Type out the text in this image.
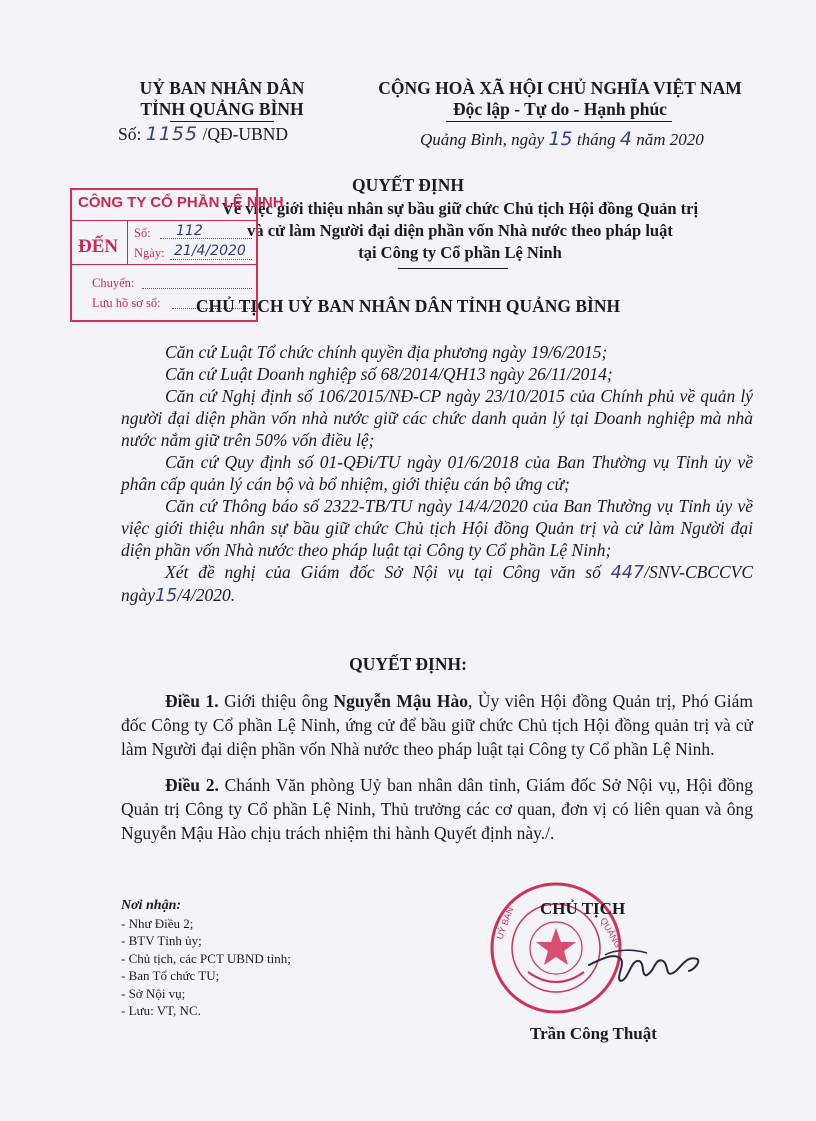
UỶ BAN NHÂN DÂN
TỈNH QUẢNG BÌNH
CỘNG HOÀ XÃ HỘI CHỦ NGHĨA VIỆT NAM
Độc lập - Tự do - Hạnh phúc
Số: 1155 /QĐ-UBND	Quảng Bình, ngày 15 tháng 4 năm 2020
QUYẾT ĐỊNH
Về việc giới thiệu nhân sự bầu giữ chức Chủ tịch Hội đồng Quản trị
và cử làm Người đại diện phần vốn Nhà nước theo pháp luật
tại Công ty Cổ phần Lệ Ninh
CÔNG TY CỔ PHẦN LỆ NINH
ĐẾN
Số: 112
Ngày: 21/4/2020
Chuyển:
Lưu hồ sơ số:	CHỦ TỊCH UỶ BAN NHÂN DÂN TỈNH QUẢNG BÌNH

Căn cứ Luật Tổ chức chính quyền địa phương ngày 19/6/2015;

Căn cứ Luật Doanh nghiệp số 68/2014/QH13 ngày 26/11/2014;

Căn cứ Nghị định số 106/2015/NĐ-CP ngày 23/10/2015 của Chính phủ về quản lý người đại diện phần vốn nhà nước giữ các chức danh quản lý tại Doanh nghiệp mà nhà nước nắm giữ trên 50% vốn điều lệ;

Căn cứ Quy định số 01-QĐi/TU ngày 01/6/2018 của Ban Thường vụ Tỉnh ủy về phân cấp quản lý cán bộ và bổ nhiệm, giới thiệu cán bộ ứng cử;

Căn cứ Thông báo số 2322-TB/TU ngày 14/4/2020 của Ban Thường vụ Tỉnh ủy về việc giới thiệu nhân sự bầu giữ chức Chủ tịch Hội đồng Quản trị và cử làm Người đại diện phần vốn Nhà nước theo pháp luật tại Công ty Cổ phần Lệ Ninh;

Xét đề nghị của Giám đốc Sở Nội vụ tại Công văn số 447/SNV-CBCCVC ngày15/4/2020.

QUYẾT ĐỊNH:

Điều 1. Giới thiệu ông Nguyễn Mậu Hào, Ủy viên Hội đồng Quản trị, Phó Giám đốc Công ty Cổ phần Lệ Ninh, ứng cử để bầu giữ chức Chủ tịch Hội đồng quản trị và cử làm Người đại diện phần vốn Nhà nước theo pháp luật tại Công ty Cổ phần Lệ Ninh.

Điều 2. Chánh Văn phòng Uỷ ban nhân dân tỉnh, Giám đốc Sở Nội vụ, Hội đồng Quản trị Công ty Cổ phần Lệ Ninh, Thủ trưởng các cơ quan, đơn vị có liên quan và ông Nguyễn Mậu Hào chịu trách nhiệm thi hành Quyết định này./.

Nơi nhận:
- Như Điều 2;
- BTV Tỉnh ủy;
- Chủ tịch, các PCT UBND tỉnh;
- Ban Tổ chức TU;
- Sở Nội vụ;
- Lưu: VT, NC.
UỶ BAN	QUẢNG
CHỦ TỊCH
Trần Công Thuật
